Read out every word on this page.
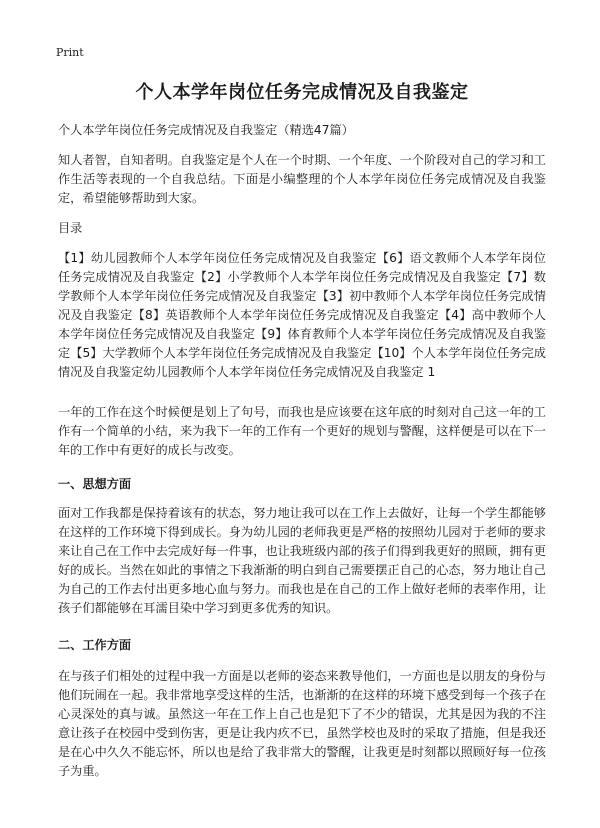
Print
个人本学年岗位任务完成情况及自我鉴定

个人本学年岗位任务完成情况及自我鉴定（精选47篇）

知人者智，自知者明。自我鉴定是个人在一个时期、一个年度、一个阶段对自己的学习和工作生活等表现的一个自我总结。下面是小编整理的个人本学年岗位任务完成情况及自我鉴定，希望能够帮助到大家。

目录

【1】幼儿园教师个人本学年岗位任务完成情况及自我鉴定【6】语文教师个人本学年岗位任务完成情况及自我鉴定【2】小学教师个人本学年岗位任务完成情况及自我鉴定【7】数学教师个人本学年岗位任务完成情况及自我鉴定【3】初中教师个人本学年岗位任务完成情况及自我鉴定【8】英语教师个人本学年岗位任务完成情况及自我鉴定【4】高中教师个人本学年岗位任务完成情况及自我鉴定【9】体育教师个人本学年岗位任务完成情况及自我鉴定【5】大学教师个人本学年岗位任务完成情况及自我鉴定【10】个人本学年岗位任务完成情况及自我鉴定幼儿园教师个人本学年岗位任务完成情况及自我鉴定 1

一年的工作在这个时候便是划上了句号，而我也是应该要在这年底的时刻对自己这一年的工作有一个简单的小结，来为我下一年的工作有一个更好的规划与警醒，这样便是可以在下一年的工作中有更好的成长与改变。

一、思想方面

面对工作我都是保持着该有的状态，努力地让我可以在工作上去做好，让每一个学生都能够在这样的工作环境下得到成长。身为幼儿园的老师我更是严格的按照幼儿园对于老师的要求来让自己在工作中去完成好每一件事，也让我班级内部的孩子们得到我更好的照顾，拥有更好的成长。当然在如此的事情之下我渐渐的明白到自己需要摆正自己的心态，努力地让自己为自己的工作去付出更多地心血与努力。而我也是在自己的工作上做好老师的表率作用，让孩子们都能够在耳濡目染中学习到更多优秀的知识。

二、工作方面

在与孩子们相处的过程中我一方面是以老师的姿态来教导他们，一方面也是以朋友的身份与他们玩闹在一起。我非常地享受这样的生活，也渐渐的在这样的环境下感受到每一个孩子在心灵深处的真与诚。虽然这一年在工作上自己也是犯下了不少的错误，尤其是因为我的不注意让孩子在校园中受到伤害，更是让我内疚不已，虽然学校也及时的采取了措施，但是我还是在心中久久不能忘怀，所以也是给了我非常大的警醒，让我更是时刻都以照顾好每一位孩子为重。
